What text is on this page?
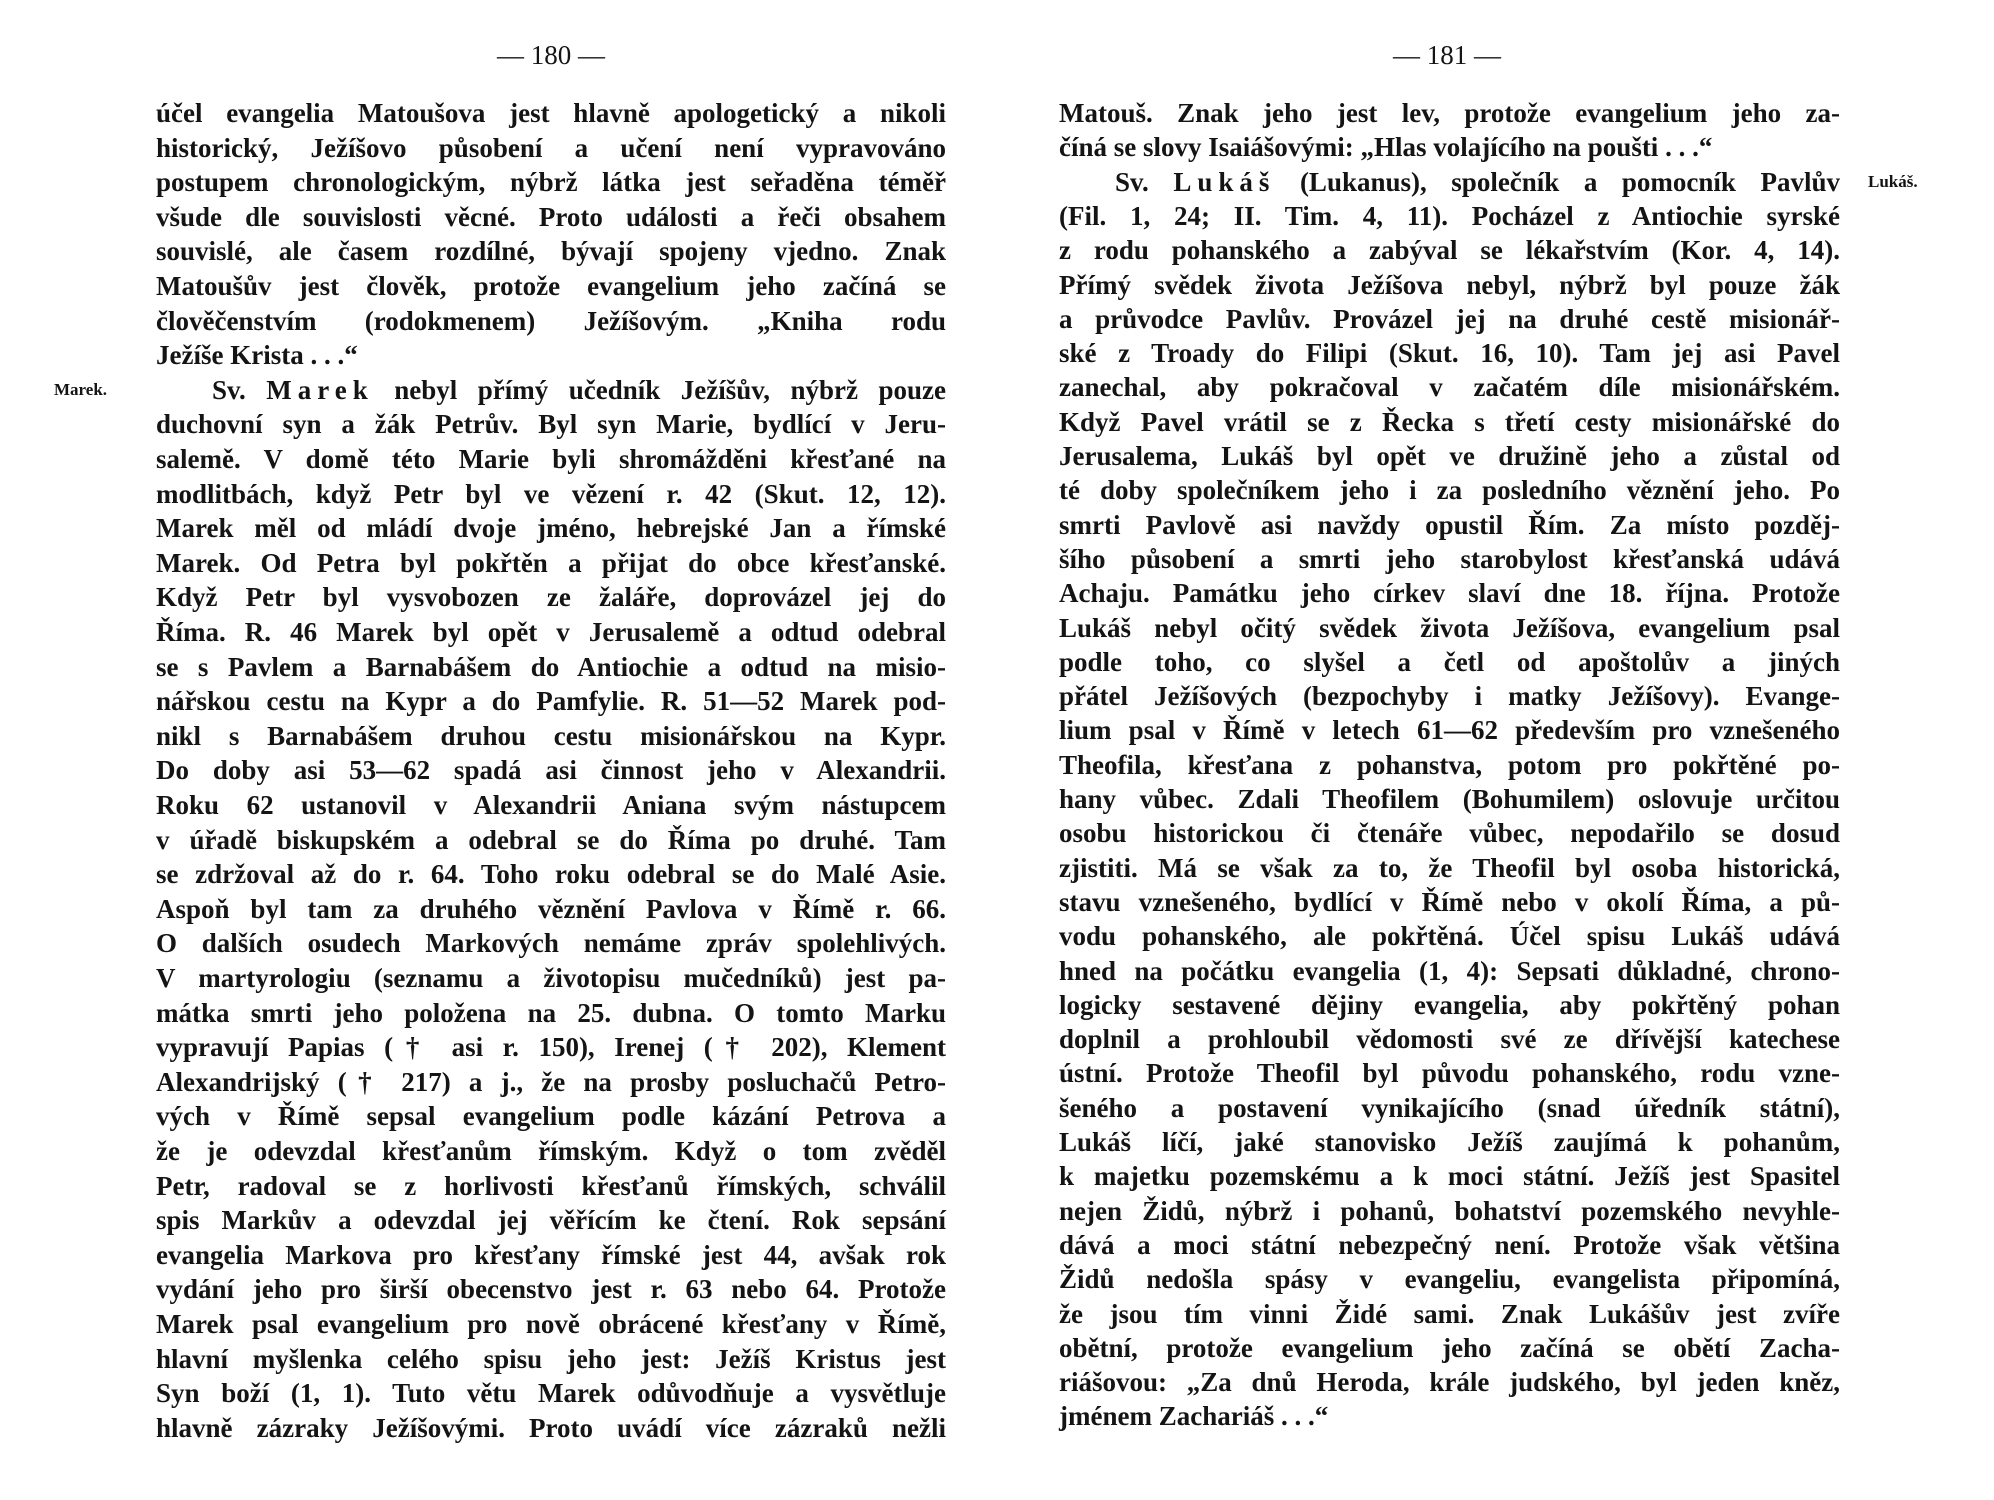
— 180 —
účel evangelia Matoušova jest hlavně apologetický a nikoli
historický, Ježíšovo působení a učení není vypravováno
postupem chronologickým, nýbrž látka jest seřaděna téměř
všude dle souvislosti věcné. Proto události a řeči obsahem
souvislé, ale časem rozdílné, bývají spojeny vjedno. Znak
Matoušův jest člověk, protože evangelium jeho začíná se
člověčenstvím (rodokmenem) Ježíšovým. „Kniha rodu
Ježíše Krista . . .“
Sv. Marek nebyl přímý učedník Ježíšův, nýbrž pouze
duchovní syn a žák Petrův. Byl syn Marie, bydlící v Jeru-
salemě. V domě této Marie byli shromážděni křesťané na
modlitbách, když Petr byl ve vězení r. 42 (Skut. 12, 12).
Marek měl od mládí dvoje jméno, hebrejské Jan a římské
Marek. Od Petra byl pokřtěn a přijat do obce křesťanské.
Když Petr byl vysvobozen ze žaláře, doprovázel jej do
Říma. R. 46 Marek byl opět v Jerusalemě a odtud odebral
se s Pavlem a Barnabášem do Antiochie a odtud na misio-
nářskou cestu na Kypr a do Pamfylie. R. 51—52 Marek pod-
nikl s Barnabášem druhou cestu misionářskou na Kypr.
Do doby asi 53—62 spadá asi činnost jeho v Alexandrii.
Roku 62 ustanovil v Alexandrii Aniana svým nástupcem
v úřadě biskupském a odebral se do Říma po druhé. Tam
se zdržoval až do r. 64. Toho roku odebral se do Malé Asie.
Aspoň byl tam za druhého věznění Pavlova v Římě r. 66.
O dalších osudech Markových nemáme zpráv spolehlivých.
V martyrologiu (seznamu a životopisu mučedníků) jest pa-
mátka smrti jeho položena na 25. dubna. O tomto Marku
vypravují Papias († asi r. 150), Irenej († 202), Klement
Alexandrijský († 217) a j., že na prosby posluchačů Petro-
vých v Římě sepsal evangelium podle kázání Petrova a
že je odevzdal křesťanům římským. Když o tom zvěděl
Petr, radoval se z horlivosti křesťanů římských, schválil
spis Markův a odevzdal jej věřícím ke čtení. Rok sepsání
evangelia Markova pro křesťany římské jest 44, avšak rok
vydání jeho pro širší obecenstvo jest r. 63 nebo 64. Protože
Marek psal evangelium pro nově obrácené křesťany v Římě,
hlavní myšlenka celého spisu jeho jest: Ježíš Kristus jest
Syn boží (1, 1). Tuto větu Marek odůvodňuje a vysvětluje
hlavně zázraky Ježíšovými. Proto uvádí více zázraků nežli
Marek.
— 181 —
Matouš. Znak jeho jest lev, protože evangelium jeho za-
číná se slovy Isaiášovými: „Hlas volajícího na poušti . . .“
Sv. Lukáš (Lukanus), společník a pomocník Pavlův
(Fil. 1, 24; II. Tim. 4, 11). Pocházel z Antiochie syrské
z rodu pohanského a zabýval se lékařstvím (Kor. 4, 14).
Přímý svědek života Ježíšova nebyl, nýbrž byl pouze žák
a průvodce Pavlův. Provázel jej na druhé cestě misionář-
ské z Troady do Filipi (Skut. 16, 10). Tam jej asi Pavel
zanechal, aby pokračoval v začatém díle misionářském.
Když Pavel vrátil se z Řecka s třetí cesty misionářské do
Jerusalema, Lukáš byl opět ve družině jeho a zůstal od
té doby společníkem jeho i za posledního věznění jeho. Po
smrti Pavlově asi navždy opustil Řím. Za místo pozděj-
šího působení a smrti jeho starobylost křesťanská udává
Achaju. Památku jeho církev slaví dne 18. října. Protože
Lukáš nebyl očitý svědek života Ježíšova, evangelium psal
podle toho, co slyšel a četl od apoštolův a jiných
přátel Ježíšových (bezpochyby i matky Ježíšovy). Evange-
lium psal v Římě v letech 61—62 především pro vznešeného
Theofila, křesťana z pohanstva, potom pro pokřtěné po-
hany vůbec. Zdali Theofilem (Bohumilem) oslovuje určitou
osobu historickou či čtenáře vůbec, nepodařilo se dosud
zjistiti. Má se však za to, že Theofil byl osoba historická,
stavu vznešeného, bydlící v Římě nebo v okolí Říma, a pů-
vodu pohanského, ale pokřtěná. Účel spisu Lukáš udává
hned na počátku evangelia (1, 4): Sepsati důkladné, chrono-
logicky sestavené dějiny evangelia, aby pokřtěný pohan
doplnil a prohloubil vědomosti své ze dřívější katechese
ústní. Protože Theofil byl původu pohanského, rodu vzne-
šeného a postavení vynikajícího (snad úředník státní),
Lukáš líčí, jaké stanovisko Ježíš zaujímá k pohanům,
k majetku pozemskému a k moci státní. Ježíš jest Spasitel
nejen Židů, nýbrž i pohanů, bohatství pozemského nevyhle-
dává a moci státní nebezpečný není. Protože však většina
Židů nedošla spásy v evangeliu, evangelista připomíná,
že jsou tím vinni Židé sami. Znak Lukášův jest zvíře
obětní, protože evangelium jeho začíná se obětí Zacha-
riášovou: „Za dnů Heroda, krále judského, byl jeden kněz,
jménem Zachariáš . . .“
Lukáš.
